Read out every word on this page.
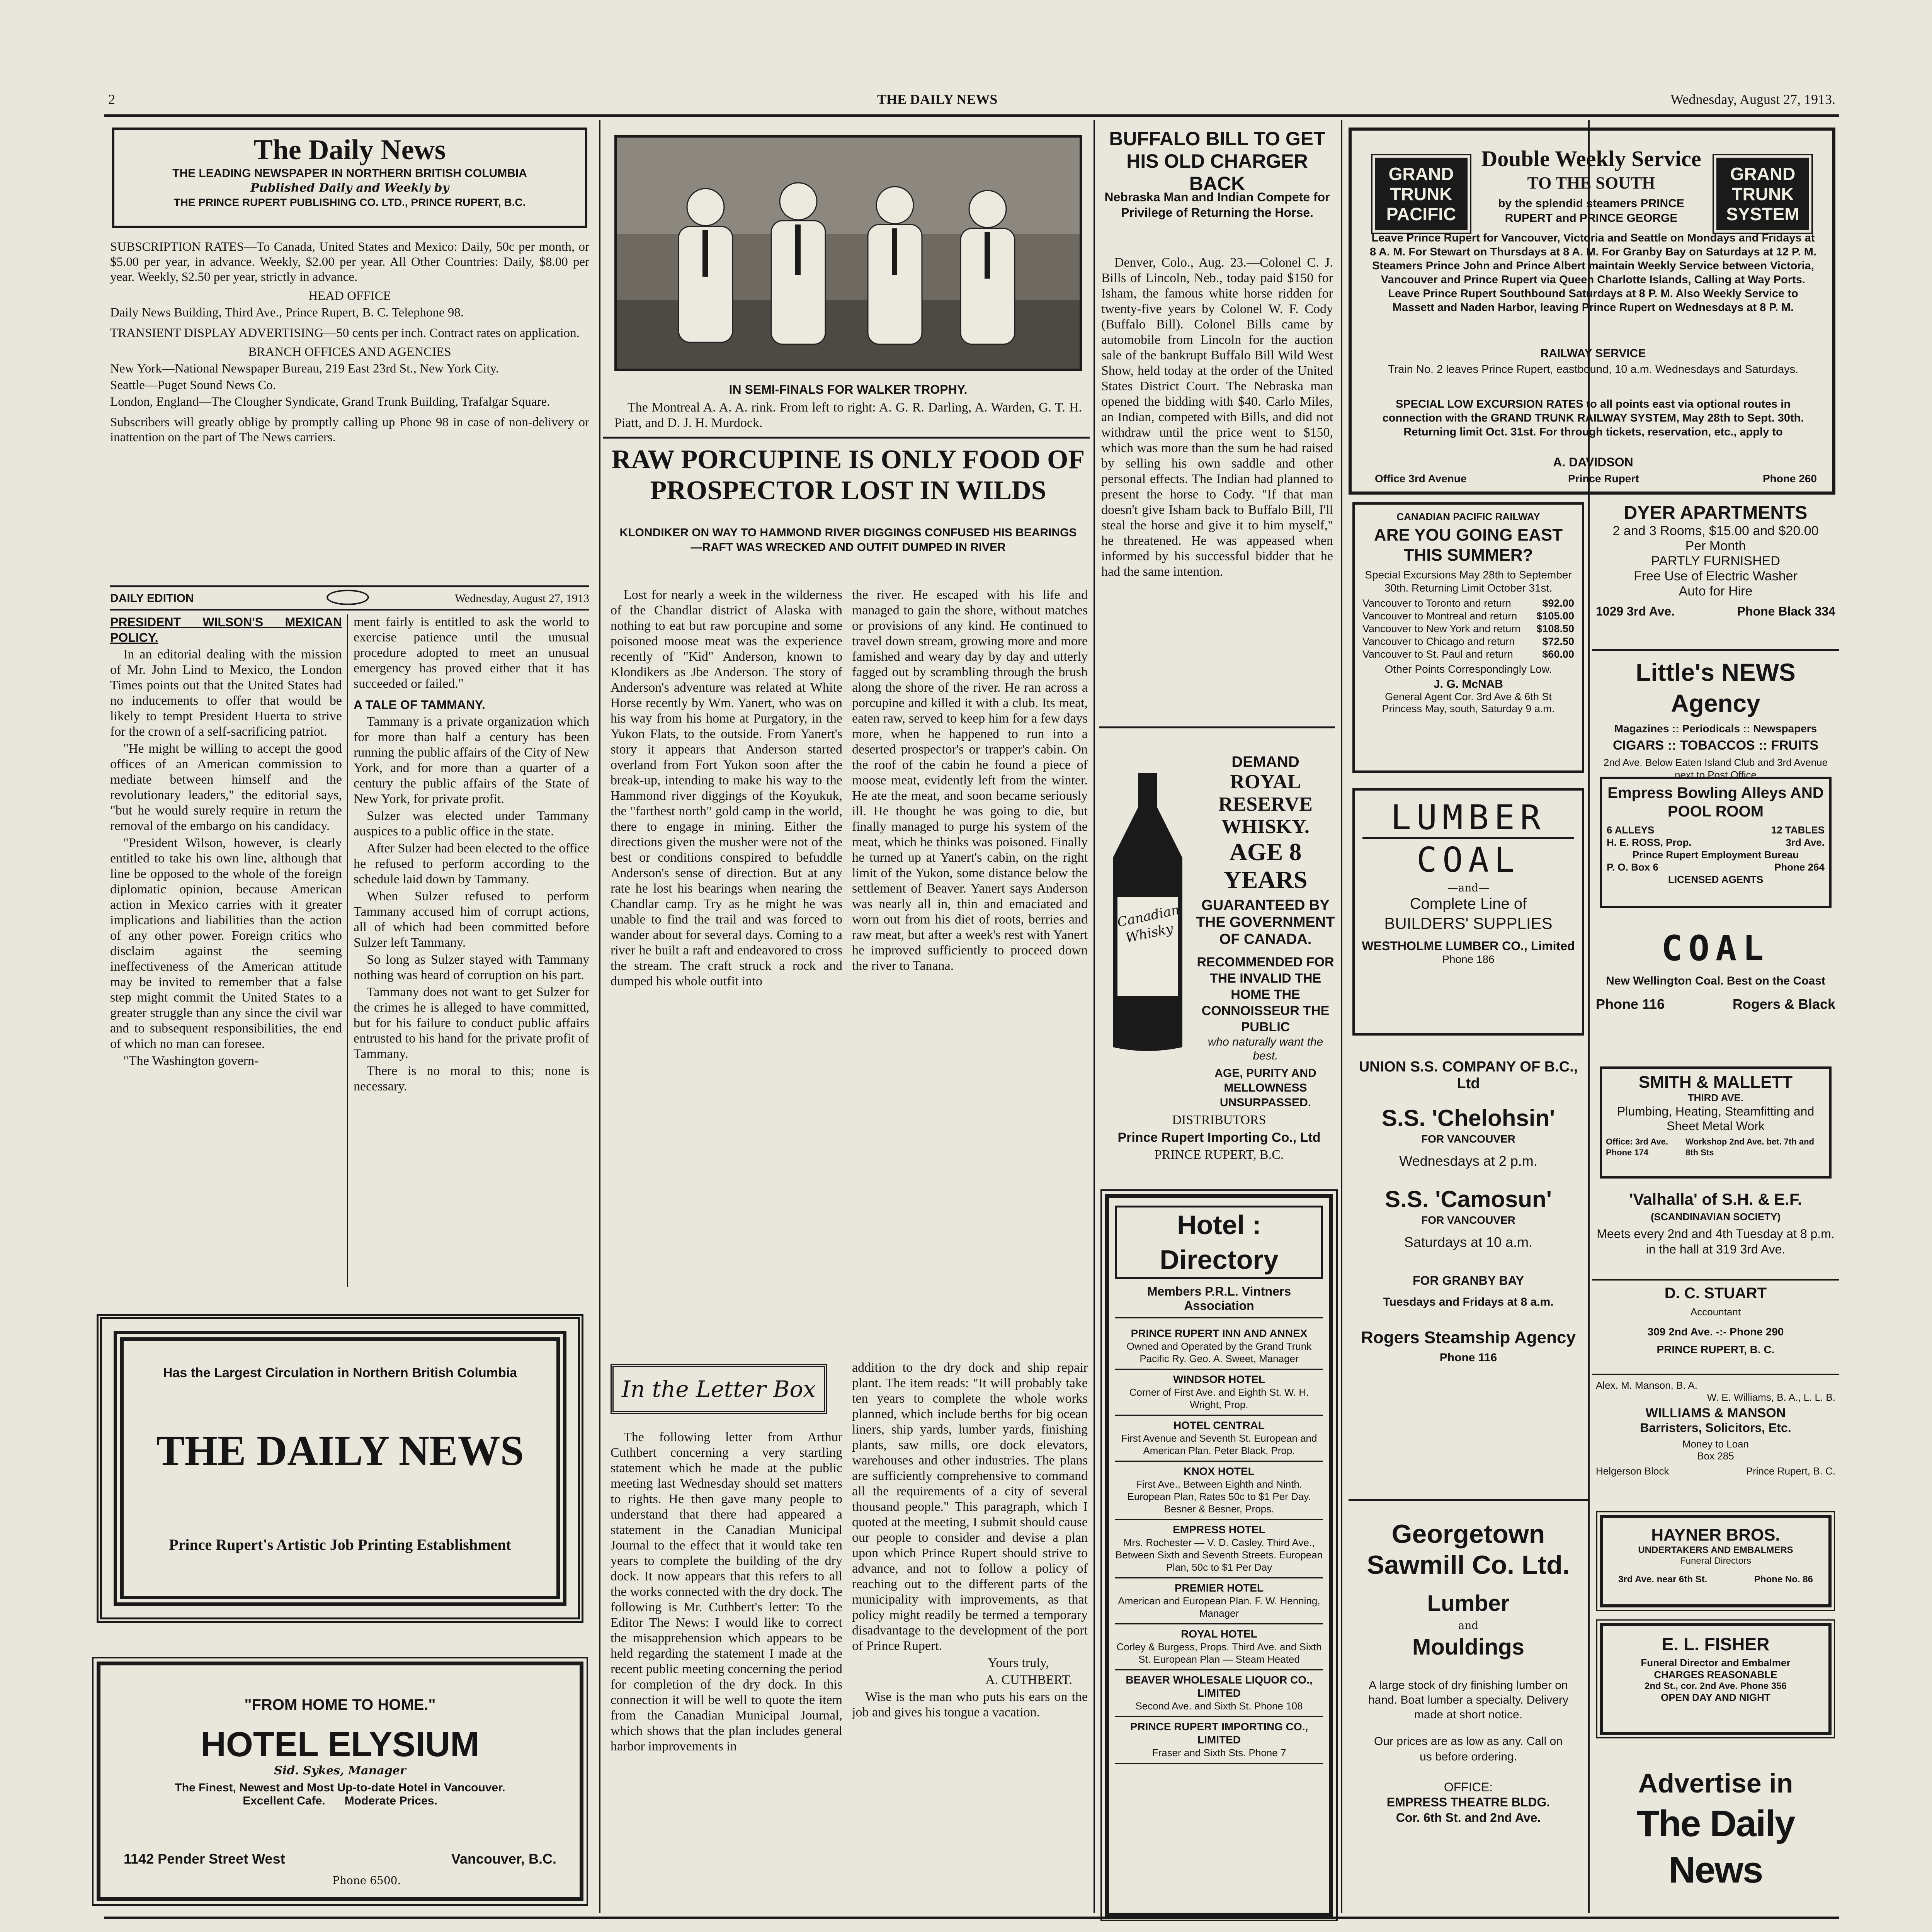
2	THE DAILY NEWS	Wednesday, August 27, 1913.
The Daily News
THE LEADING NEWSPAPER IN NORTHERN BRITISH COLUMBIA
Published Daily and Weekly by
THE PRINCE RUPERT PUBLISHING CO. LTD., PRINCE RUPERT, B.C.

SUBSCRIPTION RATES—To Canada, United States and Mexico: Daily, 50c per month, or $5.00 per year, in advance. Weekly, $2.00 per year. All Other Countries: Daily, $8.00 per year. Weekly, $2.50 per year, strictly in advance.

HEAD OFFICE

Daily News Building, Third Ave., Prince Rupert, B. C. Telephone 98.

TRANSIENT DISPLAY ADVERTISING—50 cents per inch. Contract rates on application.

BRANCH OFFICES AND AGENCIES

New York—National Newspaper Bureau, 219 East 23rd St., New York City.

Seattle—Puget Sound News Co.

London, England—The Clougher Syndicate, Grand Trunk Building, Trafalgar Square.

Subscribers will greatly oblige by promptly calling up Phone 98 in case of non-delivery or inattention on the part of The News carriers.

DAILY EDITION	Wednesday, August 27, 1913

PRESIDENT WILSON'S MEXICAN POLICY.

In an editorial dealing with the mission of Mr. John Lind to Mexico, the London Times points out that the United States had no inducements to offer that would be likely to tempt President Huerta to strive for the crown of a self-sacrificing patriot.

"He might be willing to accept the good offices of an American commission to mediate between himself and the revolutionary leaders," the editorial says, "but he would surely require in return the removal of the embargo on his candidacy.

"President Wilson, however, is clearly entitled to take his own line, although that line be opposed to the whole of the foreign diplomatic opinion, because American action in Mexico carries with it greater implications and liabilities than the action of any other power. Foreign critics who disclaim against the seeming ineffectiveness of the American attitude may be invited to remember that a false step might commit the United States to a greater struggle than any since the civil war and to subsequent responsibilities, the end of which no man can foresee.

"The Washington govern-

ment fairly is entitled to ask the world to exercise patience until the unusual procedure adopted to meet an unusual emergency has proved either that it has succeeded or failed."

A TALE OF TAMMANY.

Tammany is a private organization which for more than half a century has been running the public affairs of the City of New York, and for more than a quarter of a century the public affairs of the State of New York, for private profit.

Sulzer was elected under Tammany auspices to a public office in the state.

After Sulzer had been elected to the office he refused to perform according to the schedule laid down by Tammany.

When Sulzer refused to perform Tammany accused him of corrupt actions, all of which had been committed before Sulzer left Tammany.

So long as Sulzer stayed with Tammany nothing was heard of corruption on his part.

Tammany does not want to get Sulzer for the crimes he is alleged to have committed, but for his failure to conduct public affairs entrusted to his hand for the private profit of Tammany.

There is no moral to this; none is necessary.

Has the Largest Circulation in Northern British Columbia
THE DAILY NEWS
Prince Rupert's Artistic Job Printing Establishment
"FROM HOME TO HOME."
HOTEL ELYSIUM
Sid. Sykes, Manager
The Finest, Newest and Most Up-to-date Hotel in Vancouver.
Excellent Cafe. Moderate Prices.
1142 Pender Street West	Vancouver, B.C.
Phone 6500.
IN SEMI-FINALS FOR WALKER TROPHY.
The Montreal A. A. A. rink. From left to right: A. G. R. Darling, A. Warden, G. T. H. Piatt, and D. J. H. Murdock.
RAW PORCUPINE IS ONLY FOOD OF PROSPECTOR LOST IN WILDS
KLONDIKER ON WAY TO HAMMOND RIVER DIGGINGS CONFUSED HIS BEARINGS—RAFT WAS WRECKED AND OUTFIT DUMPED IN RIVER
Lost for nearly a week in the wilderness of the Chandlar district of Alaska with nothing to eat but raw porcupine and some poisoned moose meat was the experience recently of "Kid" Anderson, known to Klondikers as Jbe Anderson. The story of Anderson's adventure was related at White Horse recently by Wm. Yanert, who was on his way from his home at Purgatory, in the Yukon Flats, to the outside. From Yanert's story it appears that Anderson started overland from Fort Yukon soon after the break-up, intending to make his way to the Hammond river diggings of the Koyukuk, the "farthest north" gold camp in the world, there to engage in mining. Either the directions given the musher were not of the best or conditions conspired to befuddle Anderson's sense of direction. But at any rate he lost his bearings when nearing the Chandlar camp. Try as he might he was unable to find the trail and was forced to wander about for several days. Coming to a river he built a raft and endeavored to cross the stream. The craft struck a rock and dumped his whole outfit into
the river. He escaped with his life and managed to gain the shore, without matches or provisions of any kind. He continued to travel down stream, growing more and more famished and weary day by day and utterly fagged out by scrambling through the brush along the shore of the river. He ran across a porcupine and killed it with a club. Its meat, eaten raw, served to keep him for a few days more, when he happened to run into a deserted prospector's or trapper's cabin. On the roof of the cabin he found a piece of moose meat, evidently left from the winter. He ate the meat, and soon became seriously ill. He thought he was going to die, but finally managed to purge his system of the meat, which he thinks was poisoned. Finally he turned up at Yanert's cabin, on the right limit of the Yukon, some distance below the settlement of Beaver. Yanert says Anderson was nearly all in, thin and emaciated and worn out from his diet of roots, berries and raw meat, but after a week's rest with Yanert he improved sufficiently to proceed down the river to Tanana.
In the Letter Box
The following letter from Arthur Cuthbert concerning a very startling statement which he made at the public meeting last Wednesday should set matters to rights. He then gave many people to understand that there had appeared a statement in the Canadian Municipal Journal to the effect that it would take ten years to complete the building of the dry dock. It now appears that this refers to all the works connected with the dry dock. The following is Mr. Cuthbert's letter: To the Editor The News: I would like to correct the misapprehension which appears to be held regarding the statement I made at the recent public meeting concerning the period for completion of the dry dock. In this connection it will be well to quote the item from the Canadian Municipal Journal, which shows that the plan includes general harbor improvements in

addition to the dry dock and ship repair plant. The item reads: "It will probably take ten years to complete the whole works planned, which include berths for big ocean liners, ship yards, lumber yards, finishing plants, saw mills, ore dock elevators, warehouses and other industries. The plans are sufficiently comprehensive to command all the requirements of a city of several thousand people." This paragraph, which I quoted at the meeting, I submit should cause our people to consider and devise a plan upon which Prince Rupert should strive to advance, and not to follow a policy of reaching out to the different parts of the municipality with improvements, as that policy might readily be termed a temporary disadvantage to the development of the port of Prince Rupert.

Yours truly,

A. CUTHBERT.

Wise is the man who puts his ears on the job and gives his tongue a vacation.

BUFFALO BILL TO GET HIS OLD CHARGER BACK
Nebraska Man and Indian Compete for Privilege of Returning the Horse.
Denver, Colo., Aug. 23.—Colonel C. J. Bills of Lincoln, Neb., today paid $150 for Isham, the famous white horse ridden for twenty-five years by Colonel W. F. Cody (Buffalo Bill). Colonel Bills came by automobile from Lincoln for the auction sale of the bankrupt Buffalo Bill Wild West Show, held today at the order of the United States District Court. The Nebraska man opened the bidding with $40. Carlo Miles, an Indian, competed with Bills, and did not withdraw until the price went to $150, which was more than the sum he had raised by selling his own saddle and other personal effects. The Indian had planned to present the horse to Cody. "If that man doesn't give Isham back to Buffalo Bill, I'll steal the horse and give it to him myself," he threatened. He was appeased when informed by his successful bidder that he had the same intention.
Canadian Whisky
DEMAND
ROYAL RESERVE
WHISKY.
AGE 8 YEARS
GUARANTEED BY THE GOVERNMENT OF CANADA.
RECOMMENDED FOR THE INVALID THE HOME THE CONNOISSEUR THE PUBLIC
who naturally want the best.
AGE, PURITY AND MELLOWNESS UNSURPASSED.
DISTRIBUTORS
Prince Rupert Importing Co., Ltd
PRINCE RUPERT, B.C.
Hotel : Directory
Members P.R.L. Vintners Association
PRINCE RUPERT INN AND ANNEX
Owned and Operated by the Grand Trunk Pacific Ry. Geo. A. Sweet, Manager
WINDSOR HOTEL
Corner of First Ave. and Eighth St. W. H. Wright, Prop.
HOTEL CENTRAL
First Avenue and Seventh St. European and American Plan. Peter Black, Prop.
KNOX HOTEL
First Ave., Between Eighth and Ninth. European Plan, Rates 50c to $1 Per Day. Besner & Besner, Props.
EMPRESS HOTEL
Mrs. Rochester — V. D. Casley. Third Ave., Between Sixth and Seventh Streets. European Plan, 50c to $1 Per Day
PREMIER HOTEL
American and European Plan. F. W. Henning, Manager
ROYAL HOTEL
Corley & Burgess, Props. Third Ave. and Sixth St. European Plan — Steam Heated
BEAVER WHOLESALE LIQUOR CO., LIMITED
Second Ave. and Sixth St. Phone 108
PRINCE RUPERT IMPORTING CO., LIMITED
Fraser and Sixth Sts. Phone 7
GRAND TRUNK PACIFIC
GRAND TRUNK SYSTEM
Double Weekly Service
TO THE SOUTH
by the splendid steamers PRINCE RUPERT and PRINCE GEORGE
Leave Prince Rupert for Vancouver, Victoria and Seattle on Mondays and Fridays at 8 A. M. For Stewart on Thursdays at 8 A. M. For Granby Bay on Saturdays at 12 P. M. Steamers Prince John and Prince Albert maintain Weekly Service between Victoria, Vancouver and Prince Rupert via Queen Charlotte Islands, Calling at Way Ports. Leave Prince Rupert Southbound Saturdays at 8 P. M. Also Weekly Service to Massett and Naden Harbor, leaving Prince Rupert on Wednesdays at 8 P. M.
RAILWAY SERVICE
Train No. 2 leaves Prince Rupert, eastbound, 10 a.m. Wednesdays and Saturdays.
SPECIAL LOW EXCURSION RATES to all points east via optional routes in connection with the GRAND TRUNK RAILWAY SYSTEM, May 28th to Sept. 30th. Returning limit Oct. 31st. For through tickets, reservation, etc., apply to
A. DAVIDSON
Office 3rd Avenue	Prince Rupert	Phone 260
CANADIAN PACIFIC RAILWAY
ARE YOU GOING EAST THIS SUMMER?
Special Excursions May 28th to September 30th. Returning Limit October 31st.
Vancouver to Toronto and return	$92.00
Vancouver to Montreal and return $105.00
Vancouver to New York and return $108.50
Vancouver to Chicago and return	$72.50
Vancouver to St. Paul and return	$60.00
Other Points Correspondingly Low.
J. G. McNAB
General Agent Cor. 3rd Ave & 6th St
Princess May, south, Saturday 9 a.m.
LUMBER
COAL
—and—
Complete Line of
BUILDERS' SUPPLIES
WESTHOLME LUMBER CO., Limited
Phone 186
UNION S.S. COMPANY OF B.C., Ltd
S.S. 'Chelohsin'
FOR VANCOUVER
Wednesdays at 2 p.m.
S.S. 'Camosun'
FOR VANCOUVER
Saturdays at 10 a.m.
FOR GRANBY BAY
Tuesdays and Fridays at 8 a.m.
Rogers Steamship Agency
Phone 116
Georgetown
Sawmill Co. Ltd.
Lumber
and
Mouldings
A large stock of dry finishing lumber on hand. Boat lumber a specialty. Delivery made at short notice.
Our prices are as low as any. Call on us before ordering.
OFFICE:
EMPRESS THEATRE BLDG. Cor. 6th St. and 2nd Ave.
DYER APARTMENTS
2 and 3 Rooms, $15.00 and $20.00
Per Month
PARTLY FURNISHED
Free Use of Electric Washer
Auto for Hire
1029 3rd Ave.	Phone Black 334
Little's NEWS Agency
Magazines :: Periodicals :: Newspapers
CIGARS :: TOBACCOS :: FRUITS
2nd Ave. Below Eaten Island Club and 3rd Avenue next to Post Office
Empress Bowling Alleys AND POOL ROOM
6 ALLEYS	12 TABLES
H. E. ROSS, Prop.	3rd Ave.
Prince Rupert Employment Bureau
P. O. Box 6	Phone 264
LICENSED AGENTS
COAL
New Wellington Coal. Best on the Coast
Phone 116	Rogers & Black
SMITH & MALLETT
THIRD AVE.
Plumbing, Heating, Steamfitting and Sheet Metal Work
Office: 3rd Ave. Phone 174 Workshop 2nd Ave. bet. 7th and 8th Sts
'Valhalla' of S.H. & E.F.
(SCANDINAVIAN SOCIETY)
Meets every 2nd and 4th Tuesday at 8 p.m. in the hall at 319 3rd Ave.
D. C. STUART
Accountant
309 2nd Ave. -:- Phone 290
PRINCE RUPERT, B. C.
Alex. M. Manson, B. A.
W. E. Williams, B. A., L. L. B.
WILLIAMS & MANSON
Barristers, Solicitors, Etc.
Money to Loan
Box 285
Helgerson Block	Prince Rupert, B. C.
HAYNER BROS.
UNDERTAKERS AND EMBALMERS
Funeral Directors
3rd Ave. near 6th St.	Phone No. 86
E. L. FISHER
Funeral Director and Embalmer
CHARGES REASONABLE
2nd St., cor. 2nd Ave. Phone 356
OPEN DAY AND NIGHT
Advertise in
The Daily News
